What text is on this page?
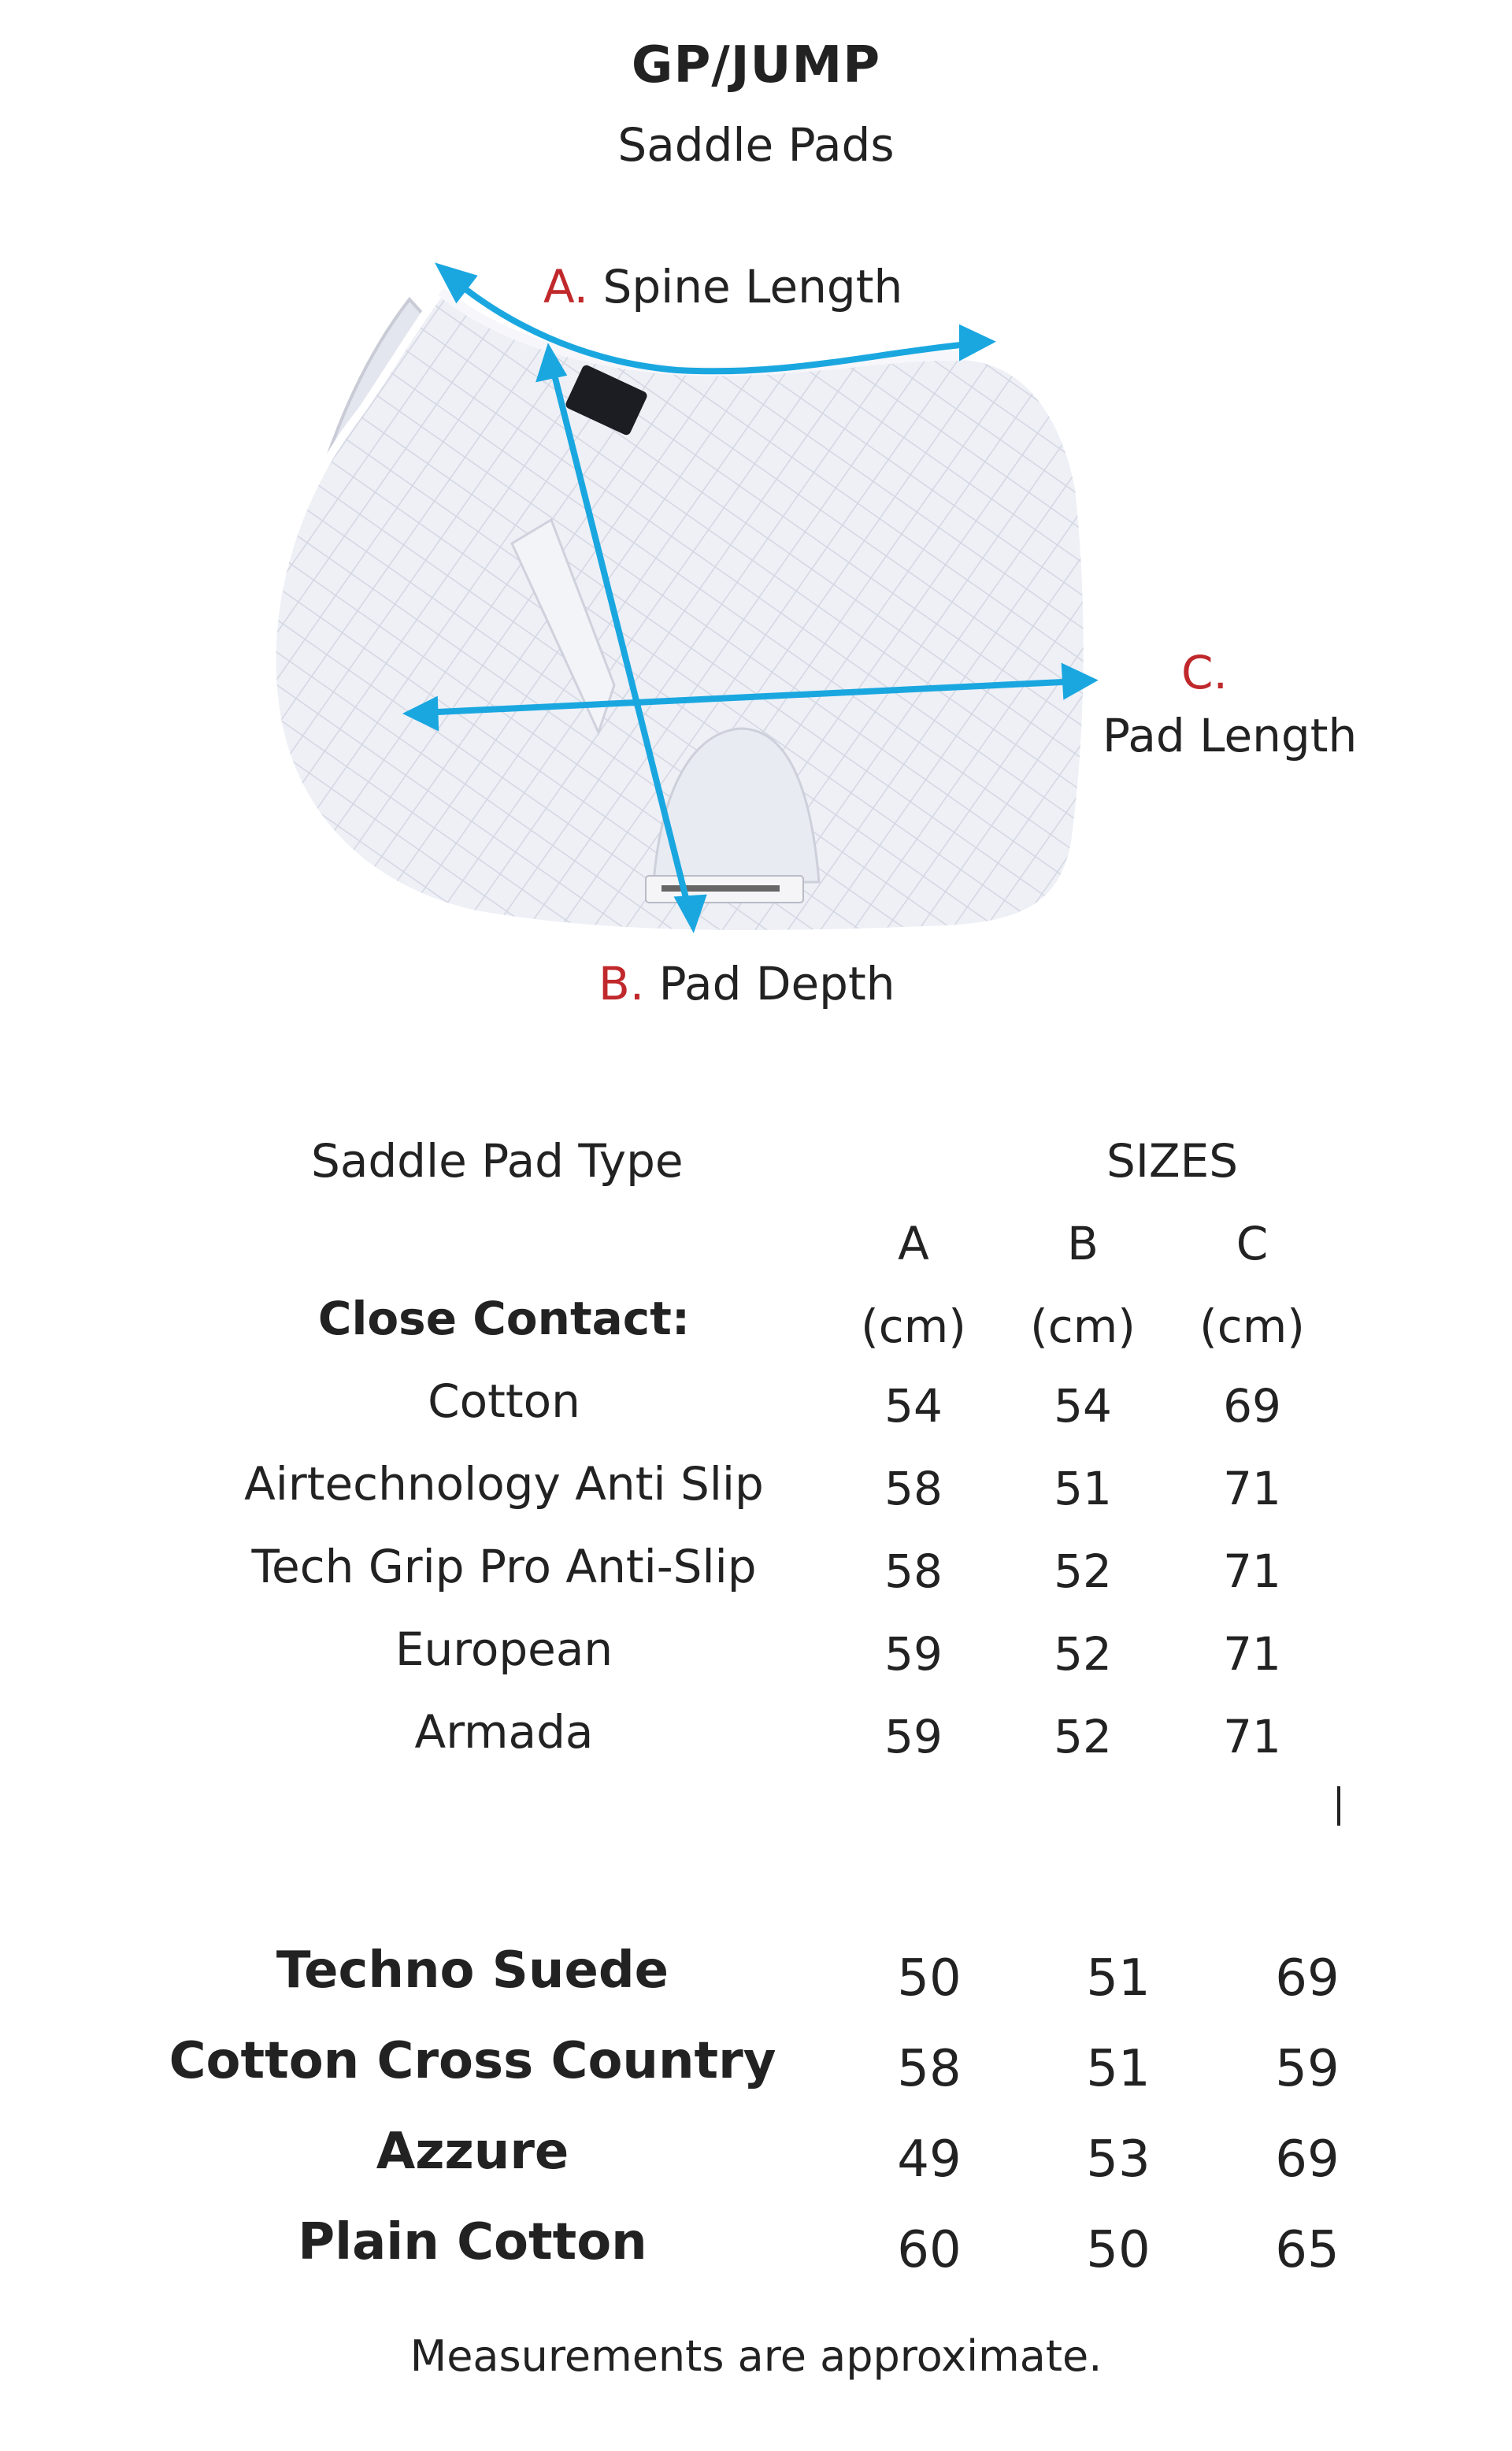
GP/JUMP
Saddle Pads
A. Spine Length
C.
Pad Length
B. Pad Depth
Saddle Pad Type	SIZES
A	B	C
Close Contact:	(cm)	(cm)	(cm)
Cotton	54	54	69
Airtechnology Anti Slip	58	51	71
Tech Grip Pro Anti-Slip	58	52	71
European	59	52	71
Armada	59	52	71
Techno Suede	50	51	69
Cotton Cross Country	58	51	59
Azzure	49	53	69
Plain Cotton	60	50	65
Measurements are approximate.
